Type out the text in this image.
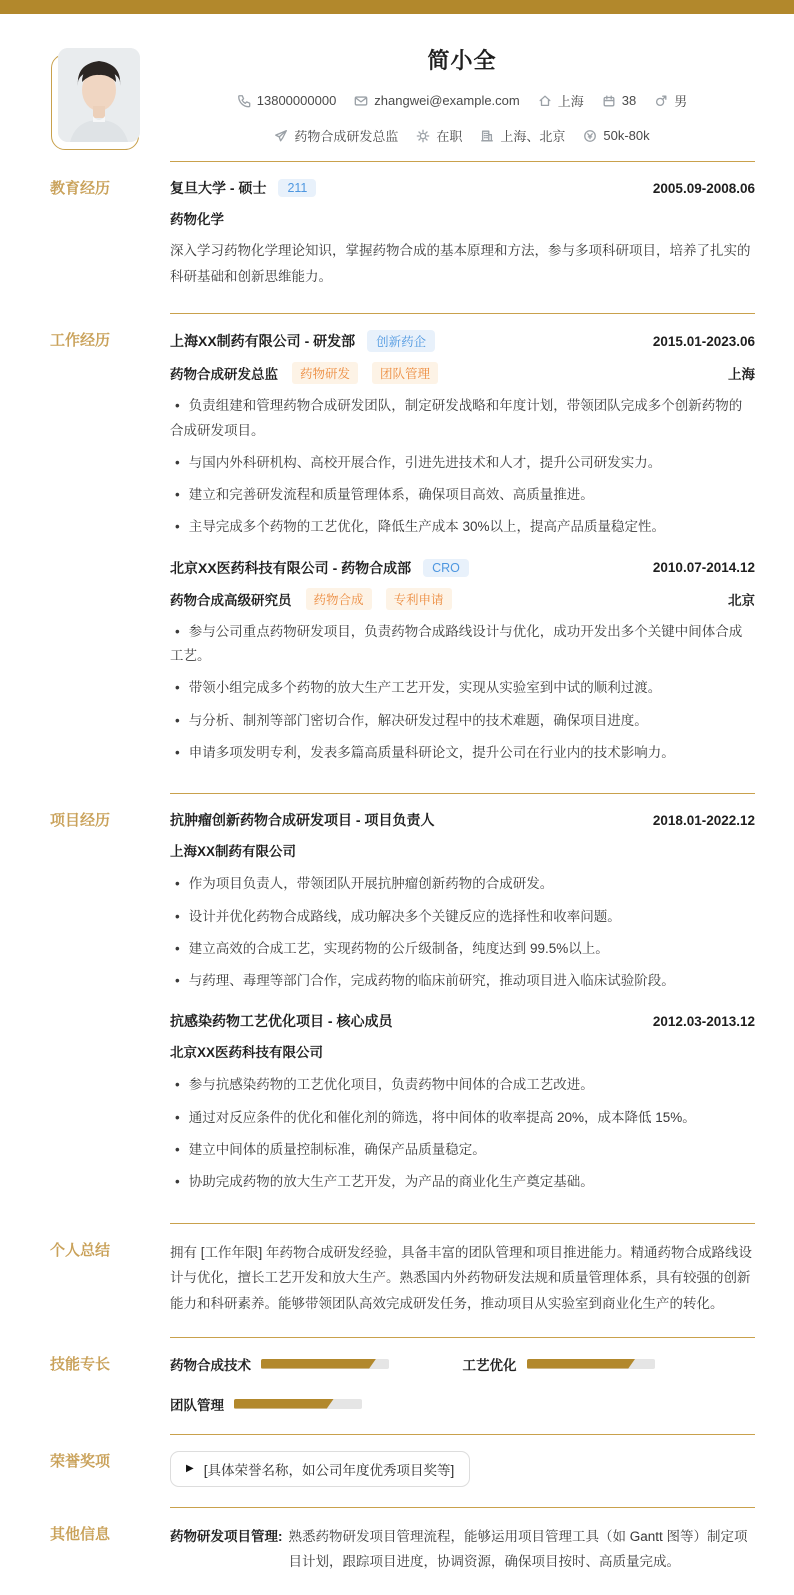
简小全
13800000000	zhangwei@example.com	上海	38	男
药物合成研发总监	在职	上海、北京	50k-80k
教育经历	复旦大学 - 硕士	211	2005.09-2008.06
药物化学
深入学习药物化学理论知识，掌握药物合成的基本原理和方法，参与多项科研项目，培养了扎实的科研基础和创新思维能力。
工作经历	上海XX制药有限公司 - 研发部	创新药企	2015.01-2023.06
药物合成研发总监	药物研发	团队管理	上海
• 负责组建和管理药物合成研发团队，制定研发战略和年度计划，带领团队完成多个创新药物的合成研发项目。
• 与国内外科研机构、高校开展合作，引进先进技术和人才，提升公司研发实力。
• 建立和完善研发流程和质量管理体系，确保项目高效、高质量推进。
• 主导完成多个药物的工艺优化，降低生产成本 30%以上，提高产品质量稳定性。
北京XX医药科技有限公司 - 药物合成部	CRO	2010.07-2014.12
药物合成高级研究员	药物合成	专利申请	北京
• 参与公司重点药物研发项目，负责药物合成路线设计与优化，成功开发出多个关键中间体合成工艺。
• 带领小组完成多个药物的放大生产工艺开发，实现从实验室到中试的顺利过渡。
• 与分析、制剂等部门密切合作，解决研发过程中的技术难题，确保项目进度。
• 申请多项发明专利，发表多篇高质量科研论文，提升公司在行业内的技术影响力。
项目经历	抗肿瘤创新药物合成研发项目 - 项目负责人	2018.01-2022.12
上海XX制药有限公司
• 作为项目负责人，带领团队开展抗肿瘤创新药物的合成研发。
• 设计并优化药物合成路线，成功解决多个关键反应的选择性和收率问题。
• 建立高效的合成工艺，实现药物的公斤级制备，纯度达到 99.5%以上。
• 与药理、毒理等部门合作，完成药物的临床前研究，推动项目进入临床试验阶段。
抗感染药物工艺优化项目 - 核心成员	2012.03-2013.12
北京XX医药科技有限公司
• 参与抗感染药物的工艺优化项目，负责药物中间体的合成工艺改进。
• 通过对反应条件的优化和催化剂的筛选，将中间体的收率提高 20%，成本降低 15%。
• 建立中间体的质量控制标准，确保产品质量稳定。
• 协助完成药物的放大生产工艺开发，为产品的商业化生产奠定基础。
个人总结	拥有 [工作年限] 年药物合成研发经验，具备丰富的团队管理和项目推进能力。精通药物合成路线设计与优化，擅长工艺开发和放大生产。熟悉国内外药物研发法规和质量管理体系，具有较强的创新能力和科研素养。能够带领团队高效完成研发任务，推动项目从实验室到商业化生产的转化。
技能专长	药物合成技术	工艺优化
团队管理
荣誉奖项	▶ [具体荣誉名称，如公司年度优秀项目奖等]
其他信息	药物研发项目管理: 熟悉药物研发项目管理流程，能够运用项目管理工具（如 Gantt 图等）制定项目计划，跟踪项目进度，协调资源，确保项目按时、高质量完成。
